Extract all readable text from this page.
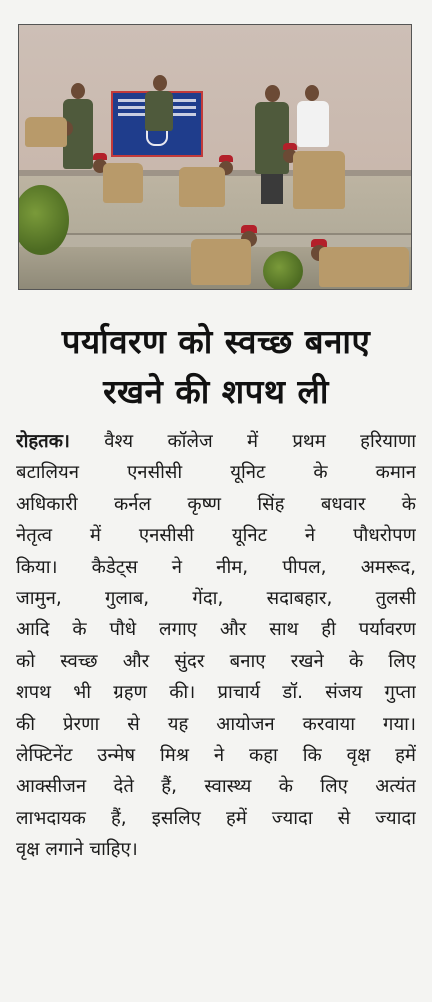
पर्यावरण को स्वच्छ बनाए
रखने की शपथ ली
रोहतक। वैश्य कॉलेज में प्रथम हरियाणा
बटालियन एनसीसी यूनिट के कमान
अधिकारी कर्नल कृष्ण सिंह बधवार के
नेतृत्व में एनसीसी यूनिट ने पौधरोपण
किया। कैडेट्स ने नीम, पीपल, अमरूद,
जामुन, गुलाब, गेंदा, सदाबहार, तुलसी
आदि के पौधे लगाए और साथ ही पर्यावरण
को स्वच्छ और सुंदर बनाए रखने के लिए
शपथ भी ग्रहण की। प्राचार्य डॉ. संजय गुप्ता
की प्रेरणा से यह आयोजन करवाया गया।
लेफ्टिनेंट उन्मेष मिश्र ने कहा कि वृक्ष हमें
आक्सीजन देते हैं, स्वास्थ्य के लिए अत्यंत
लाभदायक हैं, इसलिए हमें ज्यादा से ज्यादा
वृक्ष लगाने चाहिए।
